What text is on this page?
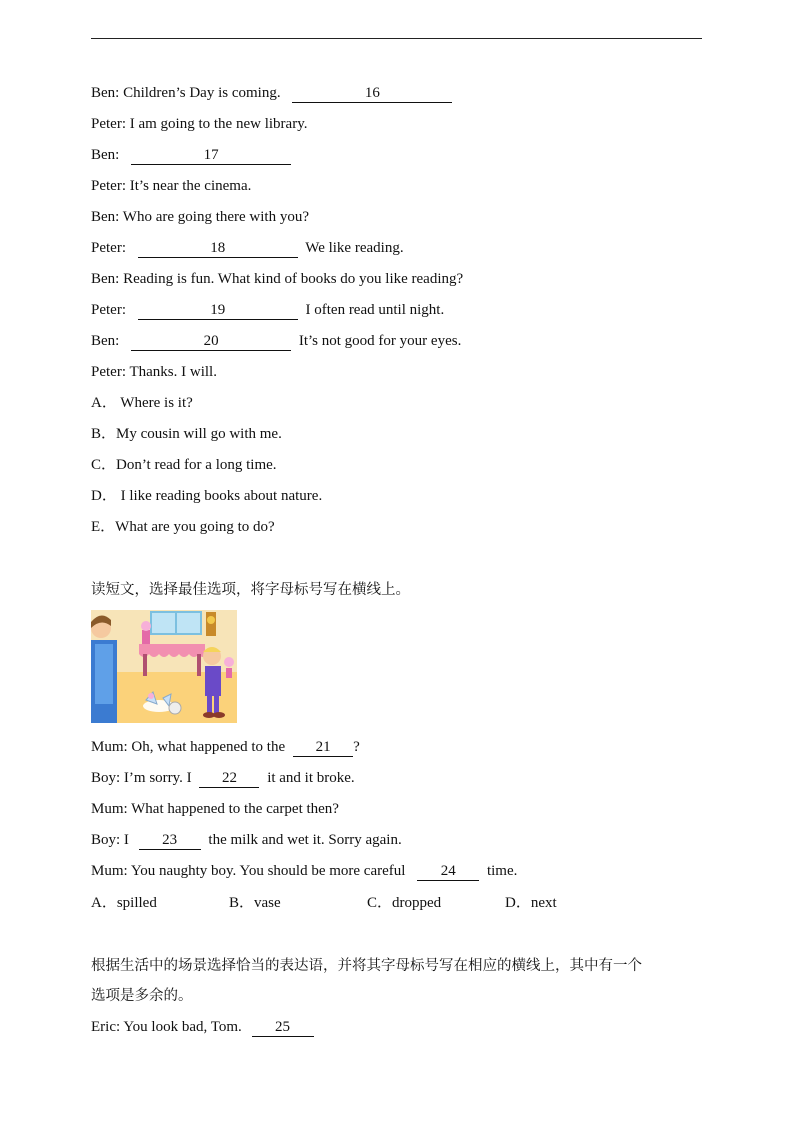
Ben: Children’s Day is coming.	16
Peter: I am going to the new library.
Ben:	17
Peter: It’s near the cinema.
Ben: Who are going there with you?
Peter:	18	We like reading.
Ben: Reading is fun. What kind of books do you like reading?
Peter:	19	I often read until night.
Ben:	20	It’s not good for your eyes.
Peter: Thanks. I will.
A． Where is it?
B．My cousin will go with me.
C．Don’t read for a long time.
D． I like reading books about nature.
E．What are you going to do?
读短文，选择最佳选项，将字母标号写在横线上。
Mum: Oh, what happened to the 21 ?
Boy: I’m sorry. I 22 it and it broke.
Mum: What happened to the carpet then?
Boy: I 23 the milk and wet it. Sorry again.
Mum: You naughty boy. You should be more careful 24 time.
A．spilled	B．vase	C．dropped	D．next
根据生活中的场景选择恰当的表达语，并将其字母标号写在相应的横线上，其中有一个
选项是多余的。
Eric: You look bad, Tom. 25
